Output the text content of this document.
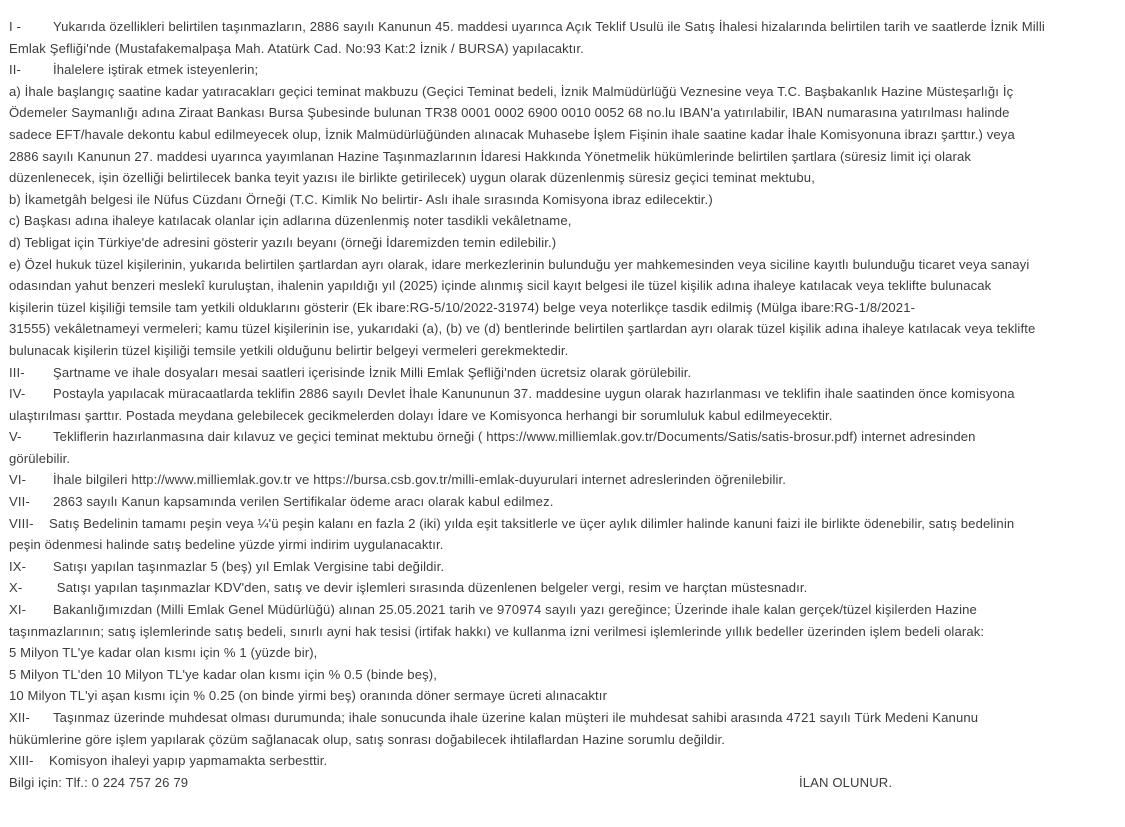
I - Yukarıda özellikleri belirtilen taşınmazların, 2886 sayılı Kanunun 45. maddesi uyarınca Açık Teklif Usulü ile Satış İhalesi hizalarında belirtilen tarih ve saatlerde İznik Milli
Emlak Şefliği'nde (Mustafakemalpaşa Mah. Atatürk Cad. No:93 Kat:2 İznik / BURSA) yapılacaktır.
II- İhalelere iştirak etmek isteyenlerin;
a) İhale başlangıç saatine kadar yatıracakları geçici teminat makbuzu (Geçici Teminat bedeli, İznik Malmüdürlüğü Veznesine veya T.C. Başbakanlık Hazine Müsteşarlığı İç
Ödemeler Saymanlığı adına Ziraat Bankası Bursa Şubesinde bulunan TR38 0001 0002 6900 0010 0052 68 no.lu IBAN'a yatırılabilir, IBAN numarasına yatırılması halinde
sadece EFT/havale dekontu kabul edilmeyecek olup, İznik Malmüdürlüğünden alınacak Muhasebe İşlem Fişinin ihale saatine kadar İhale Komisyonuna ibrazı şarttır.) veya
2886 sayılı Kanunun 27. maddesi uyarınca yayımlanan Hazine Taşınmazlarının İdaresi Hakkında Yönetmelik hükümlerinde belirtilen şartlara (süresiz limit içi olarak
düzenlenecek, işin özelliği belirtilecek banka teyit yazısı ile birlikte getirilecek) uygun olarak düzenlenmiş süresiz geçici teminat mektubu,
b) İkametgâh belgesi ile Nüfus Cüzdanı Örneği (T.C. Kimlik No belirtir- Aslı ihale sırasında Komisyona ibraz edilecektir.)
c) Başkası adına ihaleye katılacak olanlar için adlarına düzenlenmiş noter tasdikli vekâletname,
d) Tebligat için Türkiye'de adresini gösterir yazılı beyanı (örneği İdaremizden temin edilebilir.)
e) Özel hukuk tüzel kişilerinin, yukarıda belirtilen şartlardan ayrı olarak, idare merkezlerinin bulunduğu yer mahkemesinden veya siciline kayıtlı bulunduğu ticaret veya sanayi
odasından yahut benzeri meslekî kuruluştan, ihalenin yapıldığı yıl (2025) içinde alınmış sicil kayıt belgesi ile tüzel kişilik adına ihaleye katılacak veya teklifte bulunacak
kişilerin tüzel kişiliği temsile tam yetkili olduklarını gösterir (Ek ibare:RG-5/10/2022-31974) belge veya noterlikçe tasdik edilmiş (Mülga ibare:RG-1/8/2021-
31555) vekâletnameyi vermeleri; kamu tüzel kişilerinin ise, yukarıdaki (a), (b) ve (d) bentlerinde belirtilen şartlardan ayrı olarak tüzel kişilik adına ihaleye katılacak veya teklifte
bulunacak kişilerin tüzel kişiliği temsile yetkili olduğunu belirtir belgeyi vermeleri gerekmektedir.
III- Şartname ve ihale dosyaları mesai saatleri içerisinde İznik Milli Emlak Şefliği'nden ücretsiz olarak görülebilir.
IV- Postayla yapılacak müracaatlarda teklifin 2886 sayılı Devlet İhale Kanununun 37. maddesine uygun olarak hazırlanması ve teklifin ihale saatinden önce komisyona
ulaştırılması şarttır. Postada meydana gelebilecek gecikmelerden dolayı İdare ve Komisyonca herhangi bir sorumluluk kabul edilmeyecektir.
V- Tekliflerin hazırlanmasına dair kılavuz ve geçici teminat mektubu örneği ( https://www.milliemlak.gov.tr/Documents/Satis/satis-brosur.pdf) internet adresinden
görülebilir.
VI- İhale bilgileri http://www.milliemlak.gov.tr ve https://bursa.csb.gov.tr/milli-emlak-duyurulari internet adreslerinden öğrenilebilir.
VII- 2863 sayılı Kanun kapsamında verilen Sertifikalar ödeme aracı olarak kabul edilmez.
VIII- Satış Bedelinin tamamı peşin veya ¼'ü peşin kalanı en fazla 2 (iki) yılda eşit taksitlerle ve üçer aylık dilimler halinde kanuni faizi ile birlikte ödenebilir, satış bedelinin
peşin ödenmesi halinde satış bedeline yüzde yirmi indirim uygulanacaktır.
IX- Satışı yapılan taşınmazlar 5 (beş) yıl Emlak Vergisine tabi değildir.
X- Satışı yapılan taşınmazlar KDV'den, satış ve devir işlemleri sırasında düzenlenen belgeler vergi, resim ve harçtan müstesnadır.
XI- Bakanlığımızdan (Milli Emlak Genel Müdürlüğü) alınan 25.05.2021 tarih ve 970974 sayılı yazı gereğince; Üzerinde ihale kalan gerçek/tüzel kişilerden Hazine
taşınmazlarının; satış işlemlerinde satış bedeli, sınırlı ayni hak tesisi (irtifak hakkı) ve kullanma izni verilmesi işlemlerinde yıllık bedeller üzerinden işlem bedeli olarak:
5 Milyon TL'ye kadar olan kısmı için % 1 (yüzde bir),
5 Milyon TL'den 10 Milyon TL'ye kadar olan kısmı için % 0.5 (binde beş),
10 Milyon TL'yi aşan kısmı için % 0.25 (on binde yirmi beş) oranında döner sermaye ücreti alınacaktır
XII- Taşınmaz üzerinde muhdesat olması durumunda; ihale sonucunda ihale üzerine kalan müşteri ile muhdesat sahibi arasında 4721 sayılı Türk Medeni Kanunu
hükümlerine göre işlem yapılarak çözüm sağlanacak olup, satış sonrası doğabilecek ihtilaflardan Hazine sorumlu değildir.
XIII- Komisyon ihaleyi yapıp yapmamakta serbesttir.
Bilgi için: Tlf.: 0 224 757 26 79	İLAN OLUNUR.
